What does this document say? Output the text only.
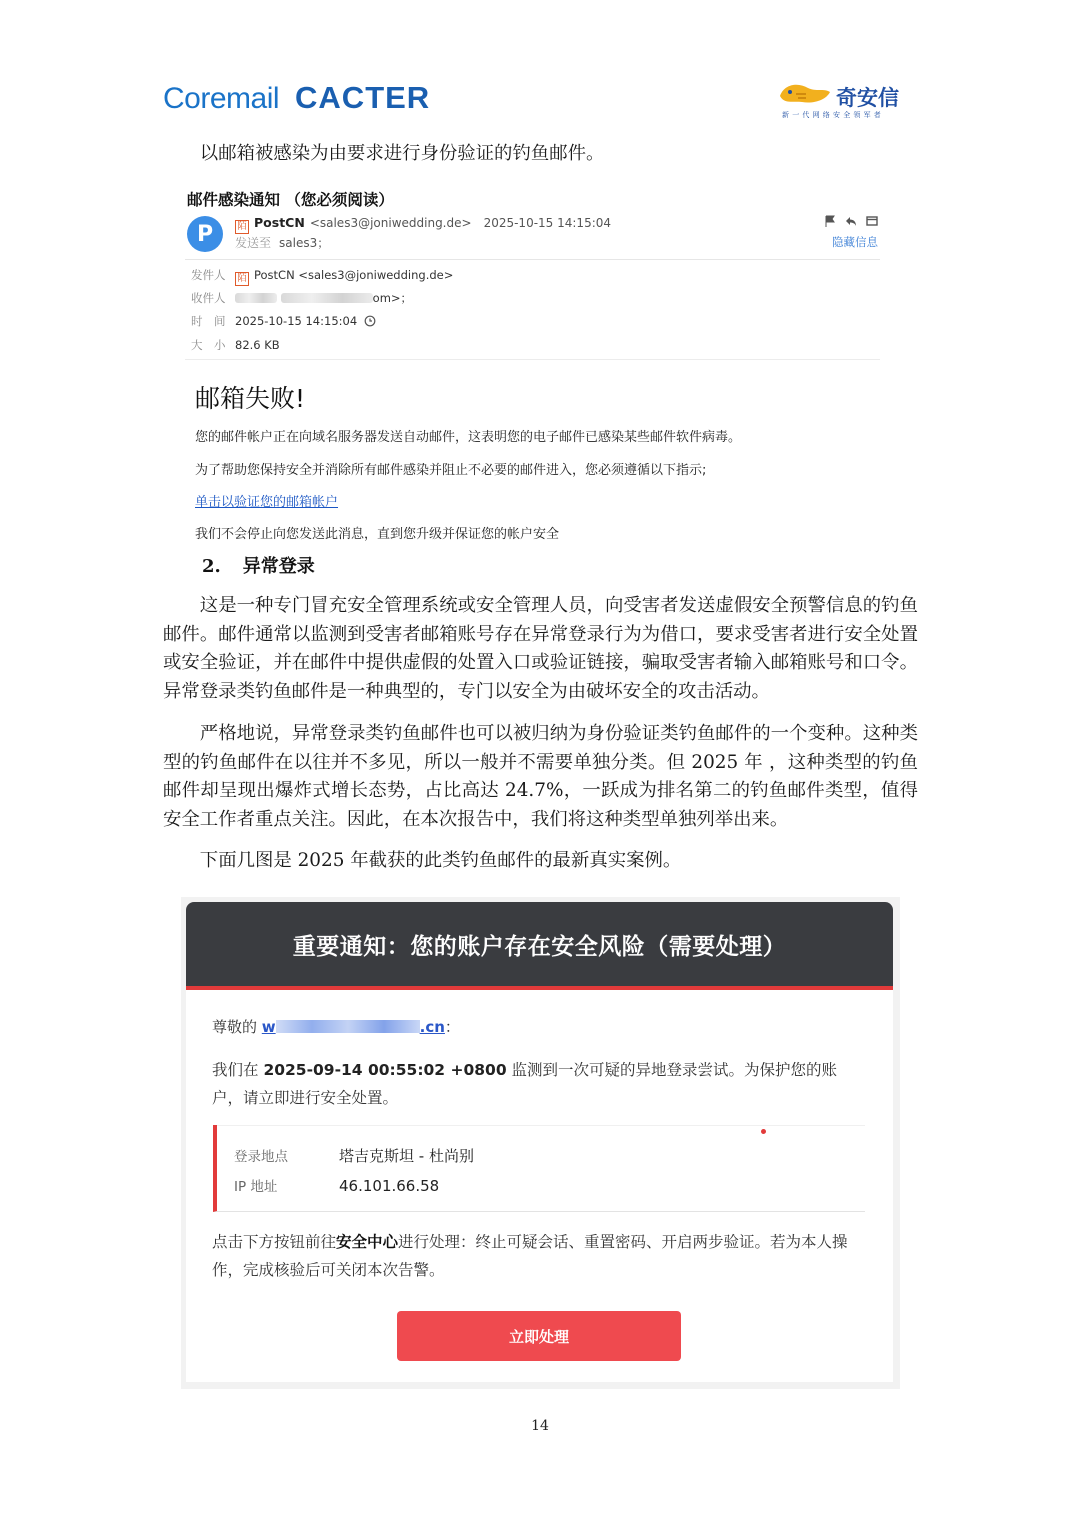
Coremail CACTER	奇安信
新一代网络安全领军者

以邮箱被感染为由要求进行身份验证的钓鱼邮件。

邮件感染通知 （您必须阅读）
P	陌 PostCN <sales3@joniwedding.de> 2025-10-15 14:15:04
发送至 sales3；	隐藏信息
发件人 陌 PostCN <sales3@joniwedding.de>
收件人	om>；
时　间 2025-10-15 14:15:04
大　小 82.6 KB
邮箱失败!
您的邮件帐户正在向域名服务器发送自动邮件，这表明您的电子邮件已感染某些邮件软件病毒。
为了帮助您保持安全并消除所有邮件感染并阻止不必要的邮件进入，您必须遵循以下指示;
单击以验证您的邮箱帐户
我们不会停止向您发送此消息，直到您升级并保证您的帐户安全
2. 异常登录

这是一种专门冒充安全管理系统或安全管理人员，向受害者发送虚假安全预警信息的钓鱼邮件。邮件通常以监测到受害者邮箱账号存在异常登录行为为借口，要求受害者进行安全处置或安全验证，并在邮件中提供虚假的处置入口或验证链接，骗取受害者输入邮箱账号和口令。异常登录类钓鱼邮件是一种典型的，专门以安全为由破坏安全的攻击活动。

严格地说，异常登录类钓鱼邮件也可以被归纳为身份验证类钓鱼邮件的一个变种。这种类型的钓鱼邮件在以往并不多见，所以一般并不需要单独分类。但 2025 年 ，这种类型的钓鱼邮件却呈现出爆炸式增长态势，占比高达 24.7%，一跃成为排名第二的钓鱼邮件类型，值得安全工作者重点关注。因此，在本次报告中，我们将这种类型单独列举出来。

下面几图是 2025 年截获的此类钓鱼邮件的最新真实案例。

重要通知：您的账户存在安全风险（需要处理）
尊敬的 w	.cn：
我们在 2025-09-14 00:55:02 +0800 监测到一次可疑的异地登录尝试。为保护您的账户，请立即进行安全处置。
登录地点	塔吉克斯坦 - 杜尚别
IP 地址	46.101.66.58
点击下方按钮前往安全中心进行处理：终止可疑会话、重置密码、开启两步验证。若为本人操作，完成核验后可关闭本次告警。
立即处理
14
